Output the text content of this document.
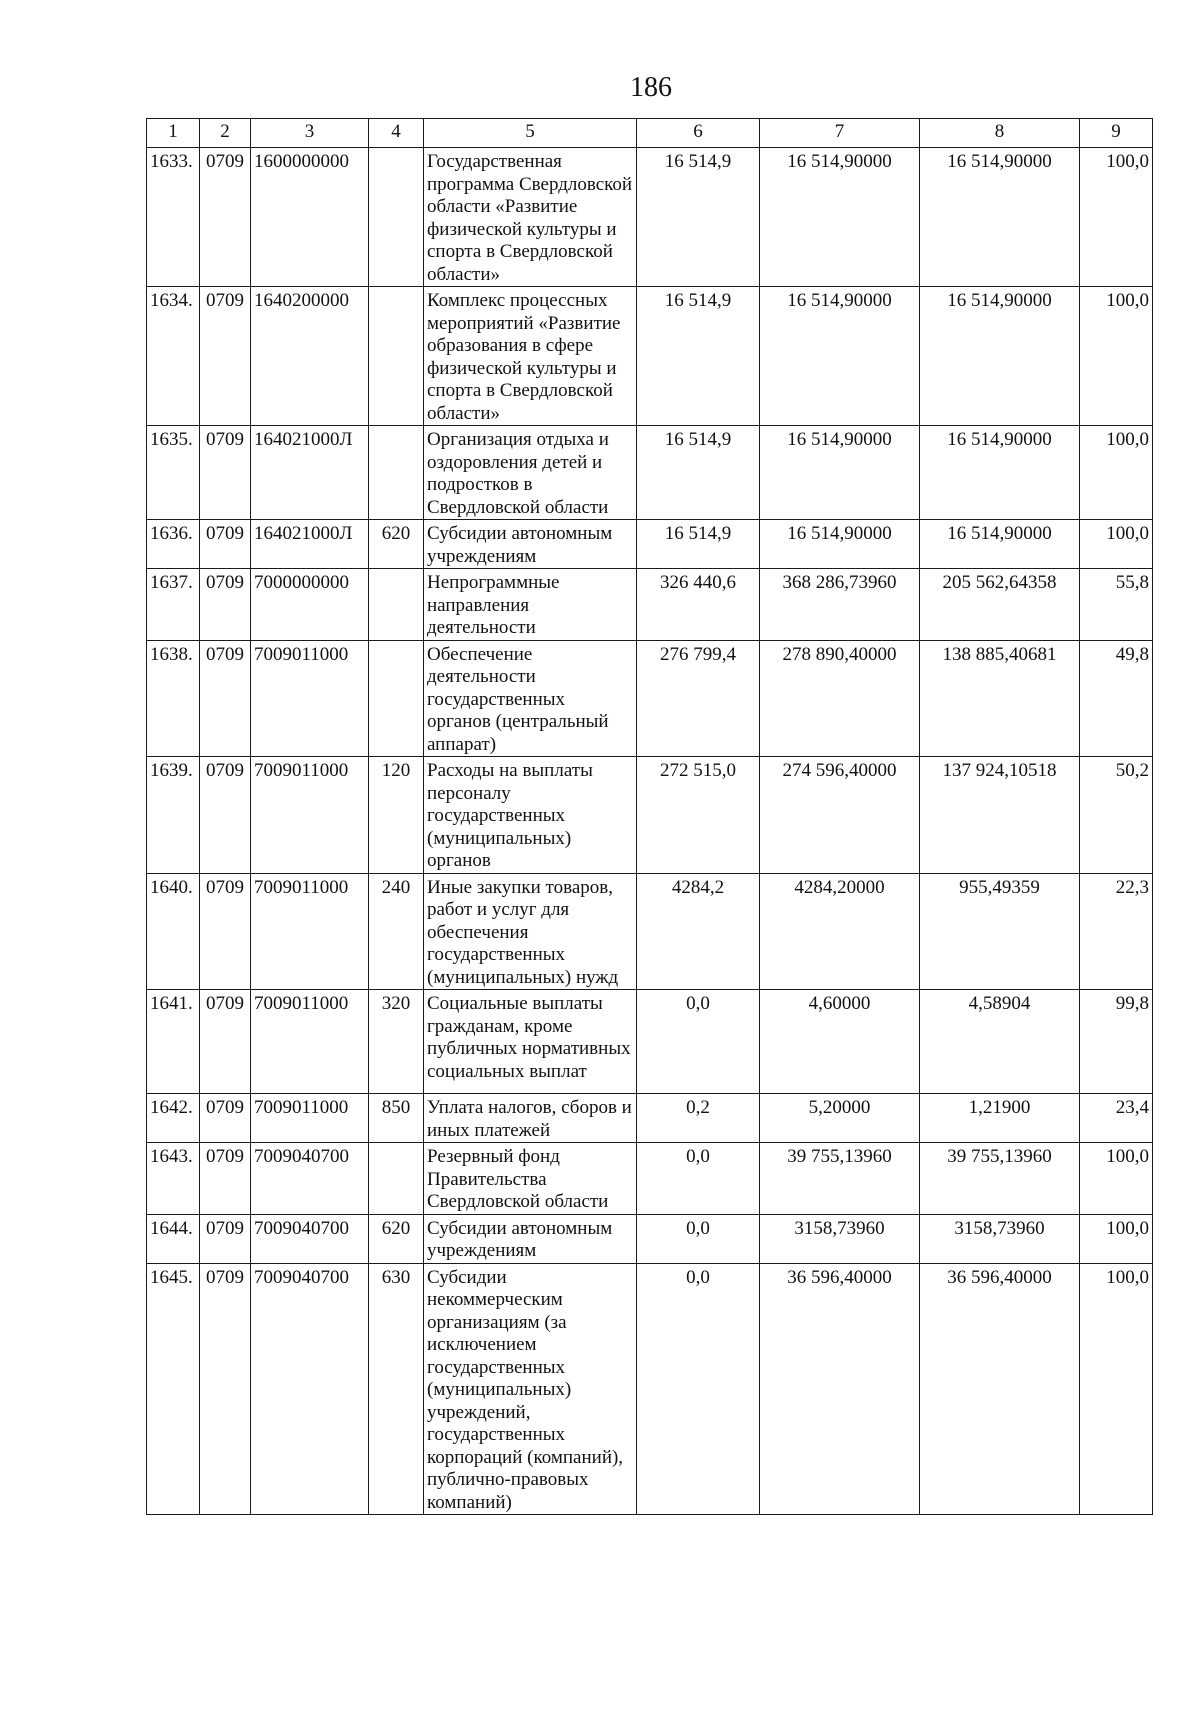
186
1	2	3	4	5	6	7	8	9
1633.	0709	1600000000		Государственная программа Свердловской области «Развитие физической культуры и спорта в Свердловской области»	16 514,9	16 514,90000	16 514,90000	100,0
1634.	0709	1640200000		Комплекс процессных мероприятий «Развитие образования в сфере физической культуры и спорта в Свердловской области»	16 514,9	16 514,90000	16 514,90000	100,0
1635.	0709	164021000Л		Организация отдыха и оздоровления детей и подростков в Свердловской области	16 514,9	16 514,90000	16 514,90000	100,0
1636.	0709	164021000Л	620	Субсидии автономным учреждениям	16 514,9	16 514,90000	16 514,90000	100,0
1637.	0709	7000000000		Непрограммные направления деятельности	326 440,6	368 286,73960	205 562,64358	55,8
1638.	0709	7009011000		Обеспечение деятельности государственных органов (центральный аппарат)	276 799,4	278 890,40000	138 885,40681	49,8
1639.	0709	7009011000	120	Расходы на выплаты персоналу государственных (муниципальных) органов	272 515,0	274 596,40000	137 924,10518	50,2
1640.	0709	7009011000	240	Иные закупки товаров, работ и услуг для обеспечения государственных (муниципальных) нужд	4284,2	4284,20000	955,49359	22,3
1641.	0709	7009011000	320	Социальные выплаты гражданам, кроме публичных нормативных социальных выплат	0,0	4,60000	4,58904	99,8
1642.	0709	7009011000	850	Уплата налогов, сборов и иных платежей	0,2	5,20000	1,21900	23,4
1643.	0709	7009040700		Резервный фонд Правительства Свердловской области	0,0	39 755,13960	39 755,13960	100,0
1644.	0709	7009040700	620	Субсидии автономным учреждениям	0,0	3158,73960	3158,73960	100,0
1645.	0709	7009040700	630	Субсидии некоммерческим организациям (за исключением государственных (муниципальных) учреждений, государственных корпораций (компаний), публично-правовых компаний)	0,0	36 596,40000	36 596,40000	100,0
